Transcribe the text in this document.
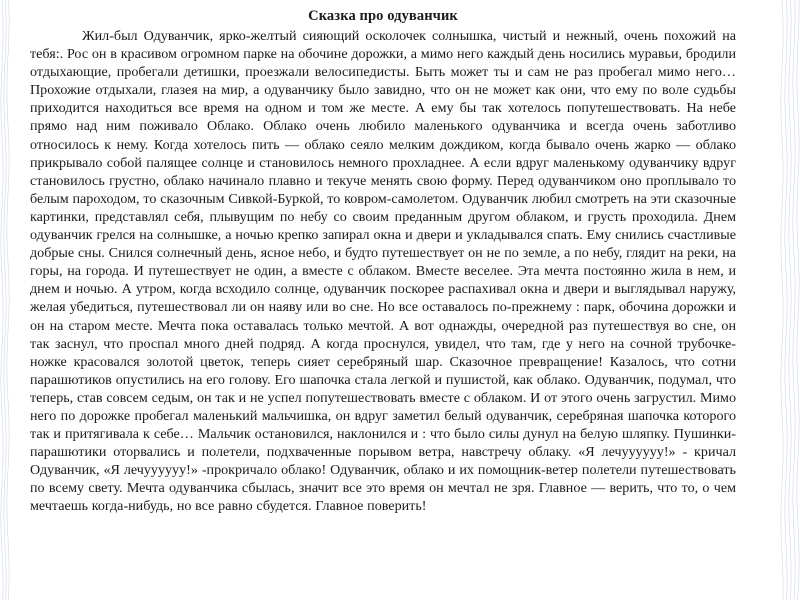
Сказка про одуванчик

Жил-был Одуванчик, ярко-желтый сияющий осколочек солнышка, чистый и нежный, очень похожий на тебя:. Рос он в красивом огромном парке на обочине дорожки, а мимо него каждый день носились муравьи, бродили отдыхающие, пробегали детишки, проезжали велосипедисты. Быть может ты и сам не раз пробегал мимо него… Прохожие отдыхали, глазея на мир, а одуванчику было завидно, что он не может как они, что ему по воле судьбы приходится находиться все время на одном и том же месте. А ему бы так хотелось попутешествовать. На небе прямо над ним поживало Облако. Облако очень любило маленького одуванчика и всегда очень заботливо относилось к нему. Когда хотелось пить — облако сеяло мелким дождиком, когда бывало очень жарко — облако прикрывало собой палящее солнце и становилось немного прохладнее. А если вдруг маленькому одуванчику вдруг становилось грустно, облако начинало плавно и текуче менять свою форму. Перед одуванчиком оно проплывало то белым пароходом, то сказочным Сивкой-Буркой, то ковром-самолетом. Одуванчик любил смотреть на эти сказочные картинки, представлял себя, плывущим по небу со своим преданным другом облаком, и грусть проходила. Днем одуванчик грелся на солнышке, а ночью крепко запирал окна и двери и укладывался спать. Ему снились счастливые добрые сны. Снился солнечный день, ясное небо, и будто путешествует он не по земле, а по небу, глядит на реки, на горы, на города. И путешествует не один, а вместе с облаком. Вместе веселее. Эта мечта постоянно жила в нем, и днем и ночью. А утром, когда всходило солнце, одуванчик поскорее распахивал окна и двери и выглядывал наружу, желая убедиться, путешествовал ли он наяву или во сне. Но все оставалось по-прежнему : парк, обочина дорожки и он на старом месте. Мечта пока оставалась только мечтой. А вот однажды, очередной раз путешествуя во сне, он так заснул, что проспал много дней подряд. А когда проснулся, увидел, что там, где у него на сочной трубочке-ножке красовался золотой цветок, теперь сияет серебряный шар. Сказочное превращение! Казалось, что сотни парашютиков опустились на его голову. Его шапочка стала легкой и пушистой, как облако. Одуванчик, подумал, что теперь, став совсем седым, он так и не успел попутешествовать вместе с облаком. И от этого очень загрустил. Мимо него по дорожке пробегал маленький мальчишка, он вдруг заметил белый одуванчик, серебряная шапочка которого так и притягивала к себе… Мальчик остановился, наклонился и : что было силы дунул на белую шляпку. Пушинки-парашютики оторвались и полетели, подхваченные порывом ветра, навстречу облаку. «Я лечуууууу!» - кричал Одуванчик, «Я лечуууууу!» -прокричало облако! Одуванчик, облако и их помощник-ветер полетели путешествовать по всему свету. Мечта одуванчика сбылась, значит все это время он мечтал не зря. Главное — верить, что то, о чем мечтаешь когда-нибудь, но все равно сбудется. Главное поверить!
